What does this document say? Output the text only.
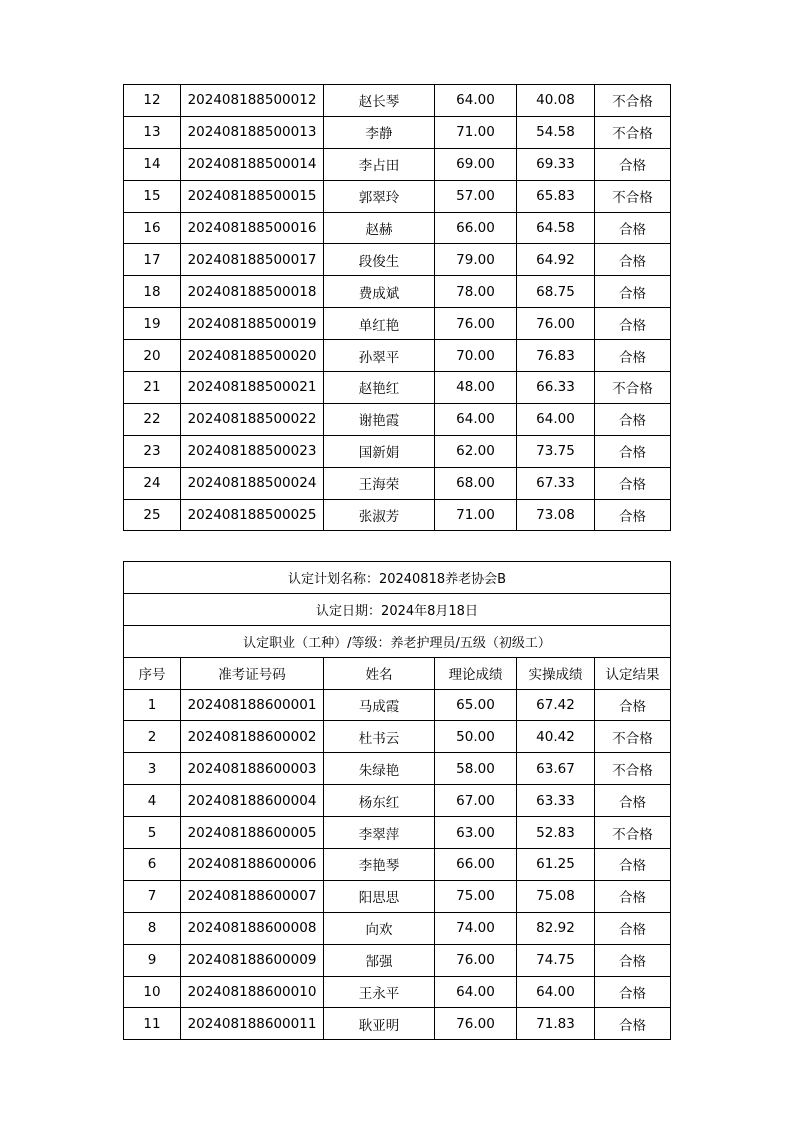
12	202408188500012	赵长琴	64.00	40.08	不合格
13	202408188500013	李静	71.00	54.58	不合格
14	202408188500014	李占田	69.00	69.33	合格
15	202408188500015	郭翠玲	57.00	65.83	不合格
16	202408188500016	赵赫	66.00	64.58	合格
17	202408188500017	段俊生	79.00	64.92	合格
18	202408188500018	费成斌	78.00	68.75	合格
19	202408188500019	单红艳	76.00	76.00	合格
20	202408188500020	孙翠平	70.00	76.83	合格
21	202408188500021	赵艳红	48.00	66.33	不合格
22	202408188500022	谢艳霞	64.00	64.00	合格
23	202408188500023	国新娟	62.00	73.75	合格
24	202408188500024	王海荣	68.00	67.33	合格
25	202408188500025	张淑芳	71.00	73.08	合格
认定计划名称：20240818养老协会B					
认定日期：2024年8月18日					
认定职业（工种）/等级：养老护理员/五级（初级工）					
序号	准考证号码	姓名	理论成绩	实操成绩	认定结果
1	202408188600001	马成霞	65.00	67.42	合格
2	202408188600002	杜书云	50.00	40.42	不合格
3	202408188600003	朱绿艳	58.00	63.67	不合格
4	202408188600004	杨东红	67.00	63.33	合格
5	202408188600005	李翠萍	63.00	52.83	不合格
6	202408188600006	李艳琴	66.00	61.25	合格
7	202408188600007	阳思思	75.00	75.08	合格
8	202408188600008	向欢	74.00	82.92	合格
9	202408188600009	郜强	76.00	74.75	合格
10	202408188600010	王永平	64.00	64.00	合格
11	202408188600011	耿亚明	76.00	71.83	合格
